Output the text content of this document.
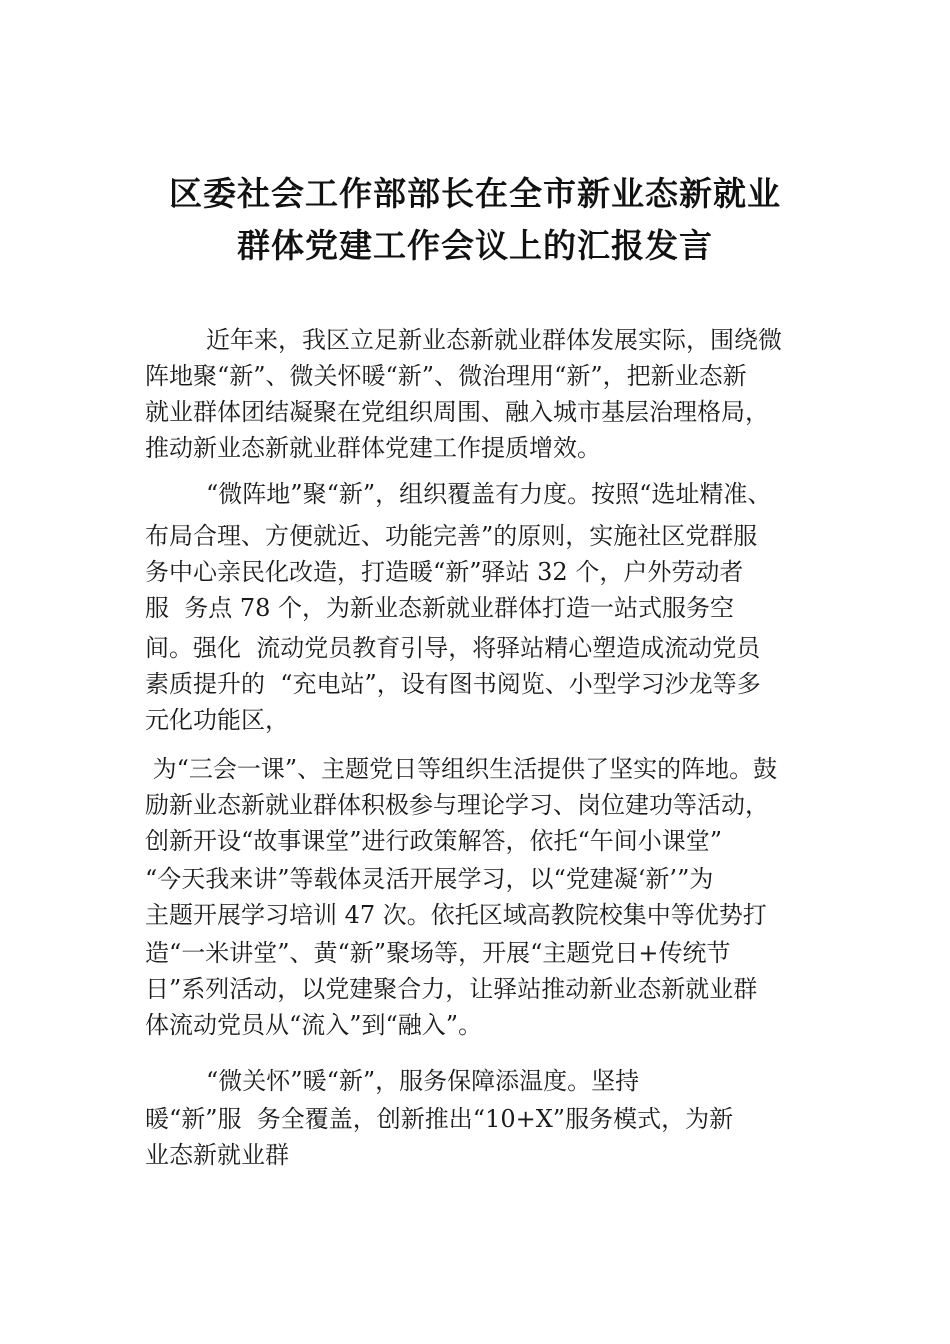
区委社会工作部部长在全市新业态新就业
群体党建工作会议上的汇报发言
近年来，我区立足新业态新就业群体发展实际，围绕微
阵地聚“新”、微关怀暖“新”、微治理用“新”，把新业态新
就业群体团结凝聚在党组织周围、融入城市基层治理格局，
推动新业态新就业群体党建工作提质增效。
“微阵地”聚“新”，组织覆盖有力度。按照“选址精准、
布局合理、方便就近、功能完善”的原则，实施社区党群服
务中心亲民化改造，打造暖“新”驿站 32 个，户外劳动者
服  务点 78 个，为新业态新就业群体打造一站式服务空
间。强化  流动党员教育引导，将驿站精心塑造成流动党员
素质提升的  “充电站”，设有图书阅览、小型学习沙龙等多
元化功能区，
为“三会一课”、主题党日等组织生活提供了坚实的阵地。鼓
励新业态新就业群体积极参与理论学习、岗位建功等活动，
创新开设“故事课堂”进行政策解答，依托“午间小课堂”
“今天我来讲”等载体灵活开展学习，以“党建凝‘新’”为
主题开展学习培训 47 次。依托区域高教院校集中等优势打
造“一米讲堂”、黄“新”聚场等，开展“主题党日+传统节
日”系列活动，以党建聚合力，让驿站推动新业态新就业群
体流动党员从“流入”到“融入”。
“微关怀”暖“新”，服务保障添温度。坚持
暖“新”服  务全覆盖，创新推出“10+X”服务模式，为新
业态新就业群
